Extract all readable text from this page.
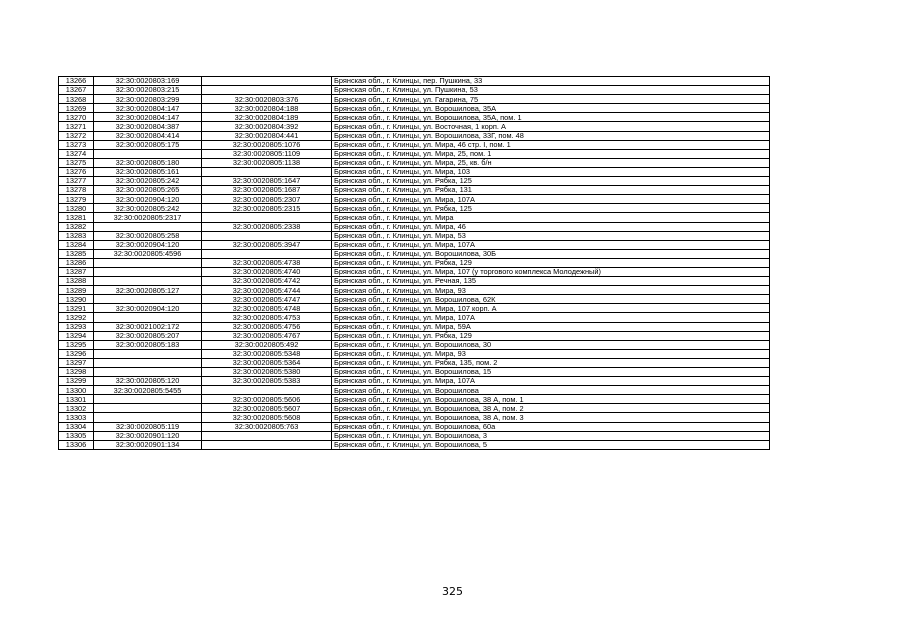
13266	32:30:0020803:169		Брянская обл., г. Клинцы, пер. Пушкина, 33
13267	32:30:0020803:215		Брянская обл., г. Клинцы, ул. Пушкина, 53
13268	32:30:0020803:299	32:30:0020803:376	Брянская обл., г. Клинцы, ул. Гагарина, 75
13269	32:30:0020804:147	32:30:0020804:188	Брянская обл., г. Клинцы, ул. Ворошилова, 35А
13270	32:30:0020804:147	32:30:0020804:189	Брянская обл., г. Клинцы, ул. Ворошилова, 35А, пом. 1
13271	32:30:0020804:387	32:30:0020804:392	Брянская обл., г. Клинцы, ул. Восточная, 1 корп. А
13272	32:30:0020804:414	32:30:0020804:441	Брянская обл., г. Клинцы, ул. Ворошилова, 33Г, пом. 48
13273	32:30:0020805:175	32:30:0020805:1076	Брянская обл., г. Клинцы, ул. Мира, 46 стр. I, пом. 1
13274		32:30:0020805:1109	Брянская обл., г. Клинцы, ул. Мира, 25, пом. 1
13275	32:30:0020805:180	32:30:0020805:1138	Брянская обл., г. Клинцы, ул. Мира, 25, кв. б/н
13276	32:30:0020805:161		Брянская обл., г. Клинцы, ул. Мира, 103
13277	32:30:0020805:242	32:30:0020805:1647	Брянская обл., г. Клинцы, ул. Рябка, 125
13278	32:30:0020805:265	32:30:0020805:1687	Брянская обл., г. Клинцы, ул. Рябка, 131
13279	32:30:0020904:120	32:30:0020805:2307	Брянская обл., г. Клинцы, ул. Мира, 107А
13280	32:30:0020805:242	32:30:0020805:2315	Брянская обл., г. Клинцы, ул. Рябка, 125
13281	32:30:0020805:2317		Брянская обл., г. Клинцы, ул. Мира
13282		32:30:0020805:2338	Брянская обл., г. Клинцы, ул. Мира, 46
13283	32:30:0020805:258		Брянская обл., г. Клинцы, ул. Мира, 53
13284	32:30:0020904:120	32:30:0020805:3947	Брянская обл., г. Клинцы, ул. Мира, 107А
13285	32:30:0020805:4596		Брянская обл., г. Клинцы, ул. Ворошилова, 30Б
13286		32:30:0020805:4738	Брянская обл., г. Клинцы, ул. Рябка, 129
13287		32:30:0020805:4740	Брянская обл., г. Клинцы, ул. Мира, 107 (у торгового комплекса Молодежный)
13288		32:30:0020805:4742	Брянская обл., г. Клинцы, ул. Речная, 135
13289	32:30:0020805:127	32:30:0020805:4744	Брянская обл., г. Клинцы, ул. Мира, 93
13290		32:30:0020805:4747	Брянская обл., г. Клинцы, ул. Ворошилова, 62К
13291	32:30:0020904:120	32:30:0020805:4748	Брянская обл., г. Клинцы, ул. Мира, 107 корп. А
13292		32:30:0020805:4753	Брянская обл., г. Клинцы, ул. Мира, 107А
13293	32:30:0021002:172	32:30:0020805:4756	Брянская обл., г. Клинцы, ул. Мира, 59А
13294	32:30:0020805:207	32:30:0020805:4767	Брянская обл., г. Клинцы, ул. Рябка, 129
13295	32:30:0020805:183	32:30:0020805:492	Брянская обл., г. Клинцы, ул. Ворошилова, 30
13296		32:30:0020805:5348	Брянская обл., г. Клинцы, ул. Мира, 93
13297		32:30:0020805:5364	Брянская обл., г. Клинцы, ул. Рябка, 135, пом. 2
13298		32:30:0020805:5380	Брянская обл., г. Клинцы, ул. Ворошилова, 15
13299	32:30:0020805:120	32:30:0020805:5383	Брянская обл., г. Клинцы, ул. Мира, 107А
13300	32:30:0020805:5455		Брянская обл., г. Клинцы, ул. Ворошилова
13301		32:30:0020805:5606	Брянская обл., г. Клинцы, ул. Ворошилова, 38 А, пом. 1
13302		32:30:0020805:5607	Брянская обл., г. Клинцы, ул. Ворошилова, 38 А, пом. 2
13303		32:30:0020805:5608	Брянская обл., г. Клинцы, ул. Ворошилова, 38 А, пом. 3
13304	32:30:0020805:119	32:30:0020805:763	Брянская обл., г. Клинцы, ул. Ворошилова, 60а
13305	32:30:0020901:120		Брянская обл., г. Клинцы, ул. Ворошилова, 3
13306	32:30:0020901:134		Брянская обл., г. Клинцы, ул. Ворошилова, 5
325
